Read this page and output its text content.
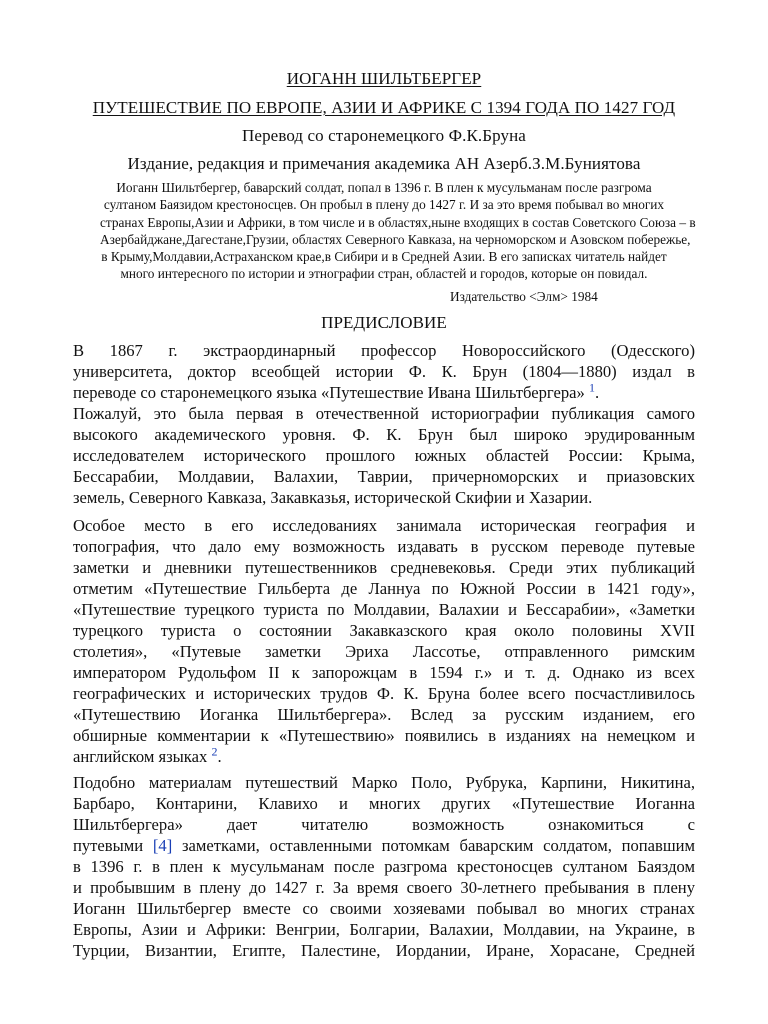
ИОГАНН ШИЛЬТБЕРГЕР
ПУТЕШЕСТВИЕ ПО ЕВРОПЕ, АЗИИ И АФРИКЕ С 1394 ГОДА ПО 1427 ГОД
Перевод со старонемецкого Ф.К.Бруна
Издание, редакция и примечания академика АН Азерб.З.М.Буниятова
Иоганн Шильтбергер, баварский солдат, попал в 1396 г. В плен к мусульманам после разгрома
султаном Баязидом крестоносцев. Он пробыл в плену до 1427 г. И за это время побывал во многих
странах Европы,Азии и Африки, в том числе и в областях,ныне входящих в состав Советского Союза – в
Азербайджане,Дагестане,Грузии, областях Северного Кавказа, на черноморском и Азовском побережье,
в Крыму,Молдавии,Астраханском крае,в Сибири и в Средней Азии. В его записках читатель найдет
много интересного по истории и этнографии стран, областей и городов, которые он повидал.
Издательство <Элм> 1984
ПРЕДИСЛОВИЕ
В 1867 г. экстраординарный профессор Новороссийского (Одесского)
университета, доктор всеобщей истории Ф. К. Брун (1804—1880) издал в
переводе со старонемецкого языка «Путешествие Ивана Шильтбергера» $^1$.
Пожалуй, это была первая в отечественной историографии публикация самого
высокого академического уровня. Ф. К. Брун был широко эрудированным
исследователем исторического прошлого южных областей России: Крыма,
Бессарабии, Молдавии, Валахии, Таврии, причерноморских и приазовских
земель, Северного Кавказа, Закавказья, исторической Скифии и Хазарии.
Особое место в его исследованиях занимала историческая география и
топография, что дало ему возможность издавать в русском переводе путевые
заметки и дневники путешественников средневековья. Среди этих публикаций
отметим «Путешествие Гильберта де Ланнуа по Южной России в 1421 году»,
«Путешествие турецкого туриста по Молдавии, Валахии и Бессарабии», «Заметки
турецкого туриста о состоянии Закавказского края около половины XVII
столетия», «Путевые заметки Эриха Лассотье, отправленного римским
императором Рудольфом II к запорожцам в 1594 г.» и т. д. Однако из всех
географических и исторических трудов Ф. К. Бруна более всего посчастливилось
«Путешествию Иоганка Шильтбергера». Вслед за русским изданием, его
обширные комментарии к «Путешествию» появились в изданиях на немецком и
английском языках $^2$.
Подобно материалам путешествий Марко Поло, Рубрука, Карпини, Никитина,
Барбаро, Контарини, Клавихо и многих других «Путешествие Иоганна
Шильтбергера» дает читателю возможность ознакомиться с
путевыми [4] заметками, оставленными потомкам баварским солдатом, попавшим
в 1396 г. в плен к мусульманам после разгрома крестоносцев султаном Баяздом
и пробывшим в плену до 1427 г. За время своего 30-летнего пребывания в плену
Иоганн Шильтбергер вместе со своими хозяевами побывал во многих странах
Европы, Азии и Африки: Венгрии, Болгарии, Валахии, Молдавии, на Украине, в
Турции, Византии, Египте, Палестине, Иордании, Иране, Хорасане, Средней
